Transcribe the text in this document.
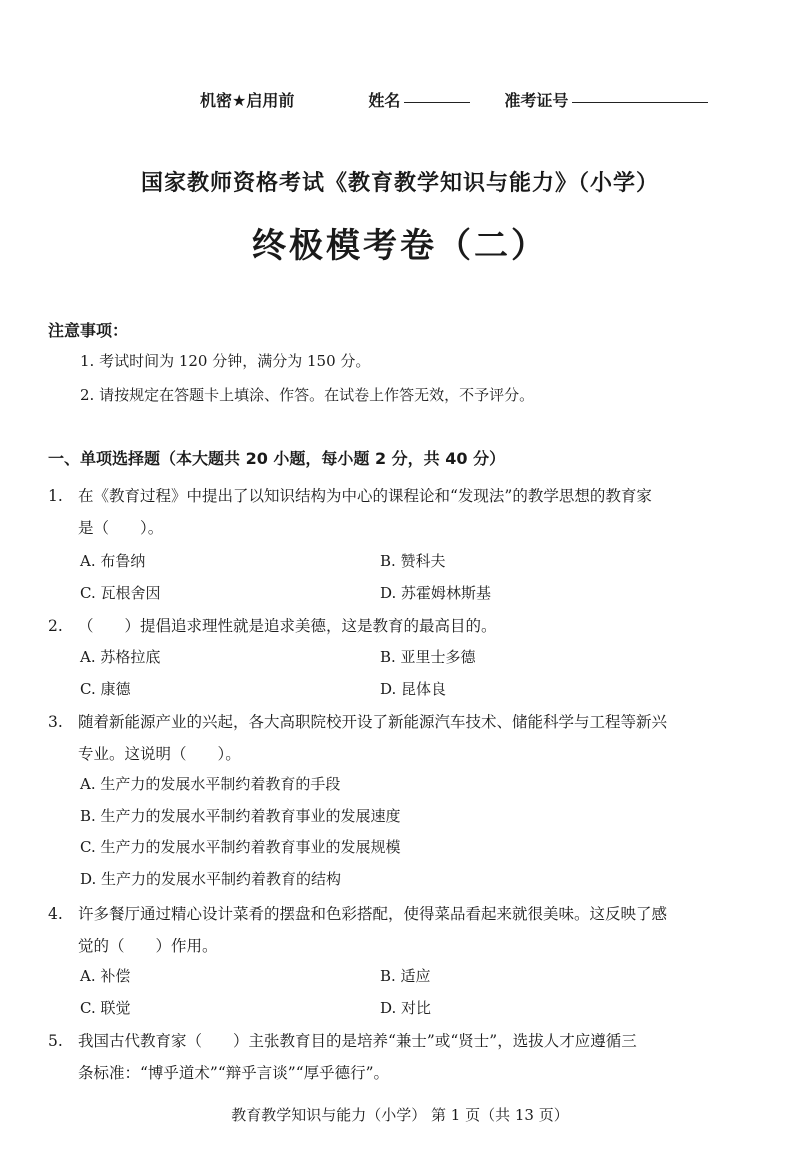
机密★启用前	姓名	准考证号
国家教师资格考试《教育教学知识与能力》（小学）
终极模考卷（二）
注意事项：
1. 考试时间为 120 分钟，满分为 150 分。
2. 请按规定在答题卡上填涂、作答。在试卷上作答无效，不予评分。
一、单项选择题（本大题共 20 小题，每小题 2 分，共 40 分）
1. 在《教育过程》中提出了以知识结构为中心的课程论和“发现法”的教学思想的教育家
是（　　）。
A. 布鲁纳	B. 赞科夫
C. 瓦根舍因	D. 苏霍姆林斯基
2. （　　）提倡追求理性就是追求美德，这是教育的最高目的。
A. 苏格拉底	B. 亚里士多德
C. 康德	D. 昆体良
3. 随着新能源产业的兴起，各大高职院校开设了新能源汽车技术、储能科学与工程等新兴
专业。这说明（　　）。
A. 生产力的发展水平制约着教育的手段
B. 生产力的发展水平制约着教育事业的发展速度
C. 生产力的发展水平制约着教育事业的发展规模
D. 生产力的发展水平制约着教育的结构
4. 许多餐厅通过精心设计菜肴的摆盘和色彩搭配，使得菜品看起来就很美味。这反映了感
觉的（　　）作用。
A. 补偿	B. 适应
C. 联觉	D. 对比
5. 我国古代教育家（　　）主张教育目的是培养“兼士”或“贤士”，选拔人才应遵循三
条标准：“博乎道术”“辩乎言谈”“厚乎德行”。
教育教学知识与能力（小学） 第 1 页（共 13 页）
